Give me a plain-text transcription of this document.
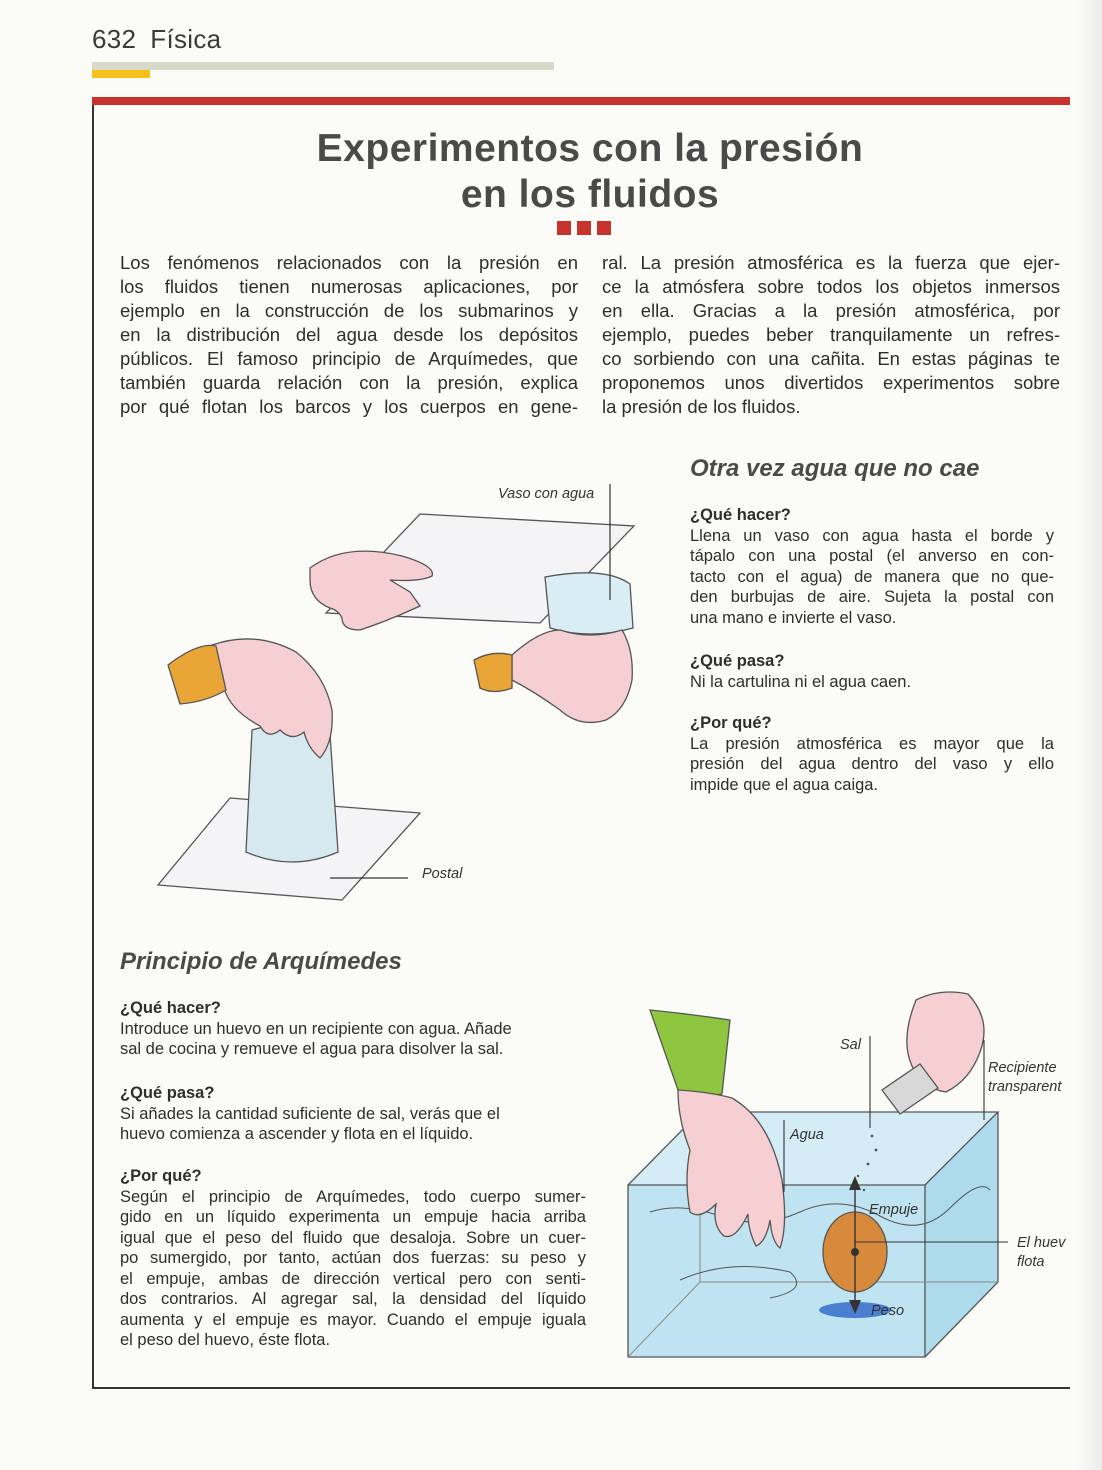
632 Física
Experimentos con la presión
en los fluidos
Los fenómenos relacionados con la presión en
los fluidos tienen numerosas aplicaciones, por
ejemplo en la construcción de los submarinos y
en la distribución del agua desde los depósitos
públicos. El famoso principio de Arquímedes, que
también guarda relación con la presión, explica
por qué flotan los barcos y los cuerpos en gene-
ral. La presión atmosférica es la fuerza que ejer-
ce la atmósfera sobre todos los objetos inmersos
en ella. Gracias a la presión atmosférica, por
ejemplo, puedes beber tranquilamente un refres-
co sorbiendo con una cañita. En estas páginas te
proponemos unos divertidos experimentos sobre
la presión de los fluidos.
Vaso con agua
Postal
Otra vez agua que no cae
¿Qué hacer?
Llena un vaso con agua hasta el borde y
tápalo con una postal (el anverso en con-
tacto con el agua) de manera que no que-
den burbujas de aire. Sujeta la postal con
una mano e invierte el vaso.
¿Qué pasa?
Ni la cartulina ni el agua caen.
¿Por qué?
La presión atmosférica es mayor que la
presión del agua dentro del vaso y ello
impide que el agua caiga.
Principio de Arquímedes
¿Qué hacer?
Introduce un huevo en un recipiente con agua. Añade
sal de cocina y remueve el agua para disolver la sal.
¿Qué pasa?
Si añades la cantidad suficiente de sal, verás que el
huevo comienza a ascender y flota en el líquido.
¿Por qué?
Según el principio de Arquímedes, todo cuerpo sumer-
gido en un líquido experimenta un empuje hacia arriba
igual que el peso del fluido que desaloja. Sobre un cuer-
po sumergido, por tanto, actúan dos fuerzas: su peso y
el empuje, ambas de dirección vertical pero con senti-
dos contrarios. Al agregar sal, la densidad del líquido
aumenta y el empuje es mayor. Cuando el empuje iguala
el peso del huevo, éste flota.
Sal
Recipiente
transparent
Agua
Empuje
Peso
El huev
flota
